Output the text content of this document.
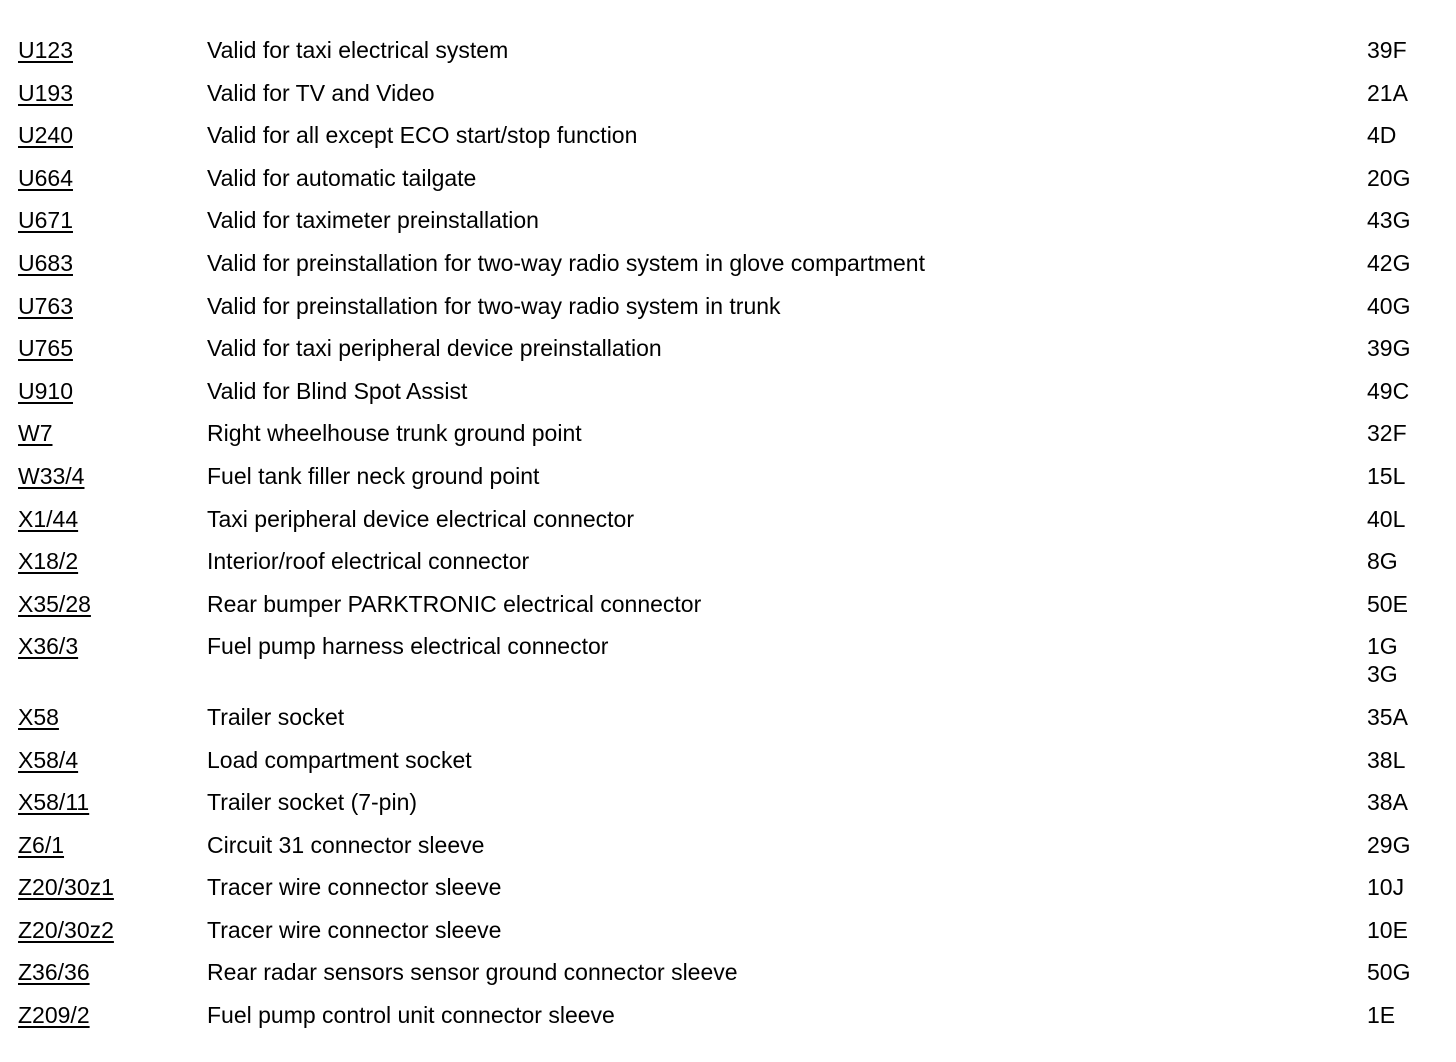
U123	Valid for taxi electrical system	39F
U193	Valid for TV and Video	21A
U240	Valid for all except ECO start/stop function	4D
U664	Valid for automatic tailgate	20G
U671	Valid for taximeter preinstallation	43G
U683	Valid for preinstallation for two-way radio system in glove compartment	42G
U763	Valid for preinstallation for two-way radio system in trunk	40G
U765	Valid for taxi peripheral device preinstallation	39G
U910	Valid for Blind Spot Assist	49C
W7	Right wheelhouse trunk ground point	32F
W33/4	Fuel tank filler neck ground point	15L
X1/44	Taxi peripheral device electrical connector	40L
X18/2	Interior/roof electrical connector	8G
X35/28	Rear bumper PARKTRONIC electrical connector	50E
X36/3	Fuel pump harness electrical connector	1G
3G
X58	Trailer socket	35A
X58/4	Load compartment socket	38L
X58/11	Trailer socket (7-pin)	38A
Z6/1	Circuit 31 connector sleeve	29G
Z20/30z1	Tracer wire connector sleeve	10J
Z20/30z2	Tracer wire connector sleeve	10E
Z36/36	Rear radar sensors sensor ground connector sleeve	50G
Z209/2	Fuel pump control unit connector sleeve	1E
